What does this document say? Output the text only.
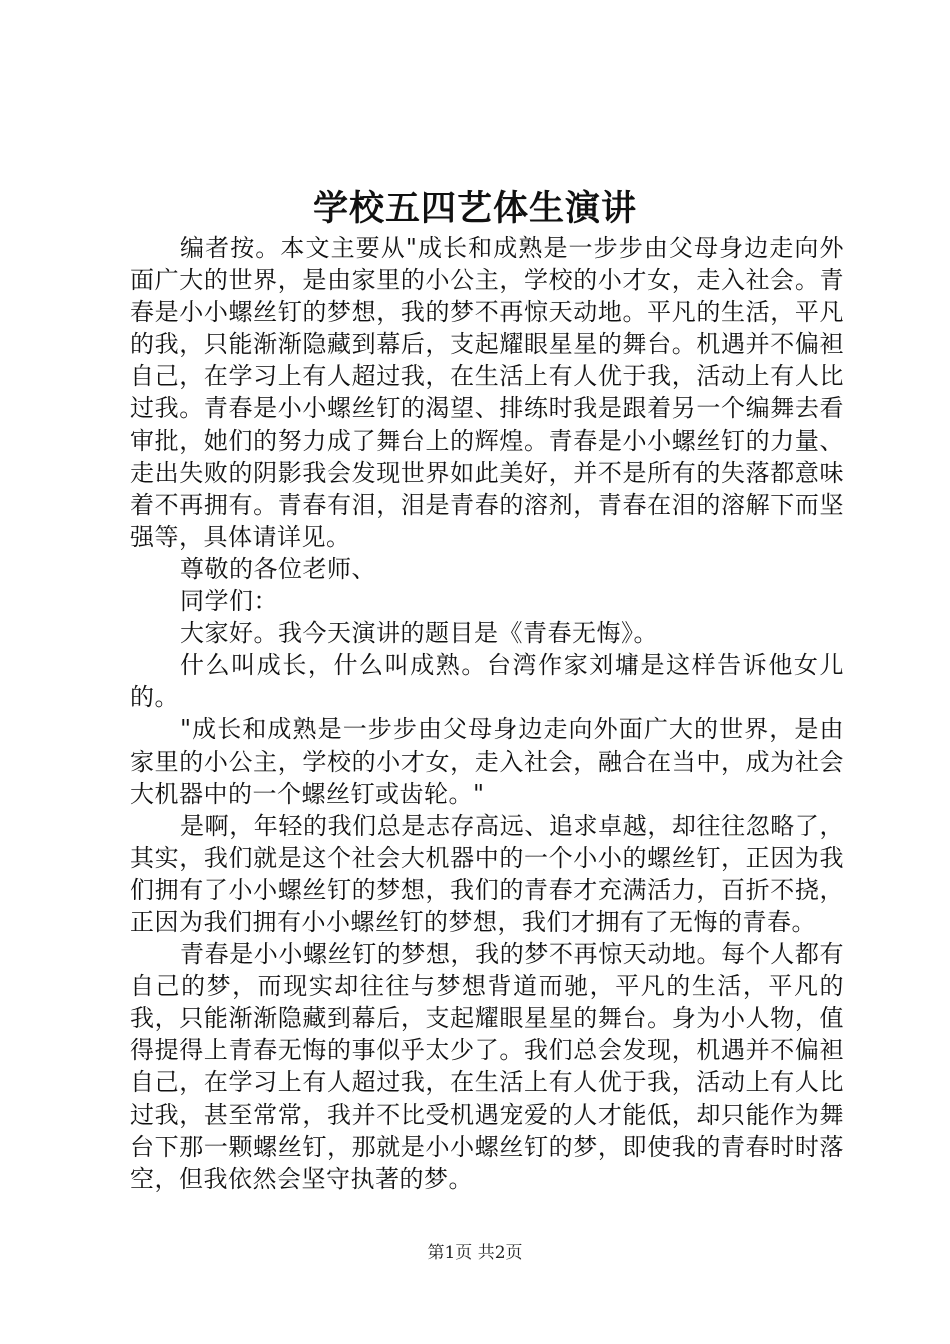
学校五四艺体生演讲

编者按。本文主要从"成长和成熟是一步步由父母身边走向外面广大的世界，是由家里的小公主，学校的小才女，走入社会。青春是小小螺丝钉的梦想，我的梦不再惊天动地。平凡的生活，平凡的我，只能渐渐隐藏到幕后，支起耀眼星星的舞台。机遇并不偏袒自己，在学习上有人超过我，在生活上有人优于我，活动上有人比过我。青春是小小螺丝钉的渴望、排练时我是跟着另一个编舞去看审批，她们的努力成了舞台上的辉煌。青春是小小螺丝钉的力量、走出失败的阴影我会发现世界如此美好，并不是所有的失落都意味着不再拥有。青春有泪，泪是青春的溶剂，青春在泪的溶解下而坚强等，具体请详见。

尊敬的各位老师、

同学们：

大家好。我今天演讲的题目是《青春无悔》。

什么叫成长，什么叫成熟。台湾作家刘墉是这样告诉他女儿的。

"成长和成熟是一步步由父母身边走向外面广大的世界，是由家里的小公主，学校的小才女，走入社会，融合在当中，成为社会大机器中的一个螺丝钉或齿轮。"

是啊，年轻的我们总是志存高远、追求卓越，却往往忽略了，其实，我们就是这个社会大机器中的一个小小的螺丝钉，正因为我们拥有了小小螺丝钉的梦想，我们的青春才充满活力，百折不挠，正因为我们拥有小小螺丝钉的梦想，我们才拥有了无悔的青春。

青春是小小螺丝钉的梦想，我的梦不再惊天动地。每个人都有自己的梦，而现实却往往与梦想背道而驰，平凡的生活，平凡的我，只能渐渐隐藏到幕后，支起耀眼星星的舞台。身为小人物，值得提得上青春无悔的事似乎太少了。我们总会发现，机遇并不偏袒自己，在学习上有人超过我，在生活上有人优于我，活动上有人比过我，甚至常常，我并不比受机遇宠爱的人才能低，却只能作为舞台下那一颗螺丝钉，那就是小小螺丝钉的梦，即使我的青春时时落空，但我依然会坚守执著的梦。

第1页 共2页
